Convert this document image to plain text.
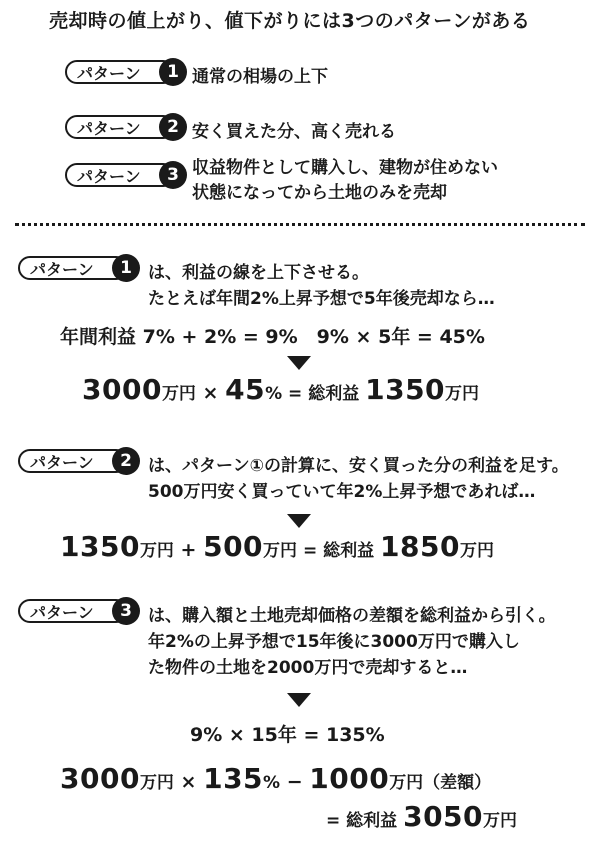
売却時の値上がり、値下がりには3つのパターンがある
パターン	1 通常の相場の上下
パターン	2 安く買えた分、高く売れる
パターン	3 収益物件として購入し、建物が住めない
状態になってから土地のみを売却
パターン	1 は、利益の線を上下させる。
たとえば年間2%上昇予想で5年後売却なら…
年間利益 7% + 2% = 9%　9% × 5年 = 45%
3000万円 × 45% = 総利益 1350万円
パターン	2 は、パターン①の計算に、安く買った分の利益を足す。
500万円安く買っていて年2%上昇予想であれば…
1350万円 + 500万円 = 総利益 1850万円
パターン	3 は、購入額と土地売却価格の差額を総利益から引く。
年2%の上昇予想で15年後に3000万円で購入し
た物件の土地を2000万円で売却すると…
9% × 15年 = 135%
3000万円 × 135% − 1000万円（差額）
= 総利益 3050万円
